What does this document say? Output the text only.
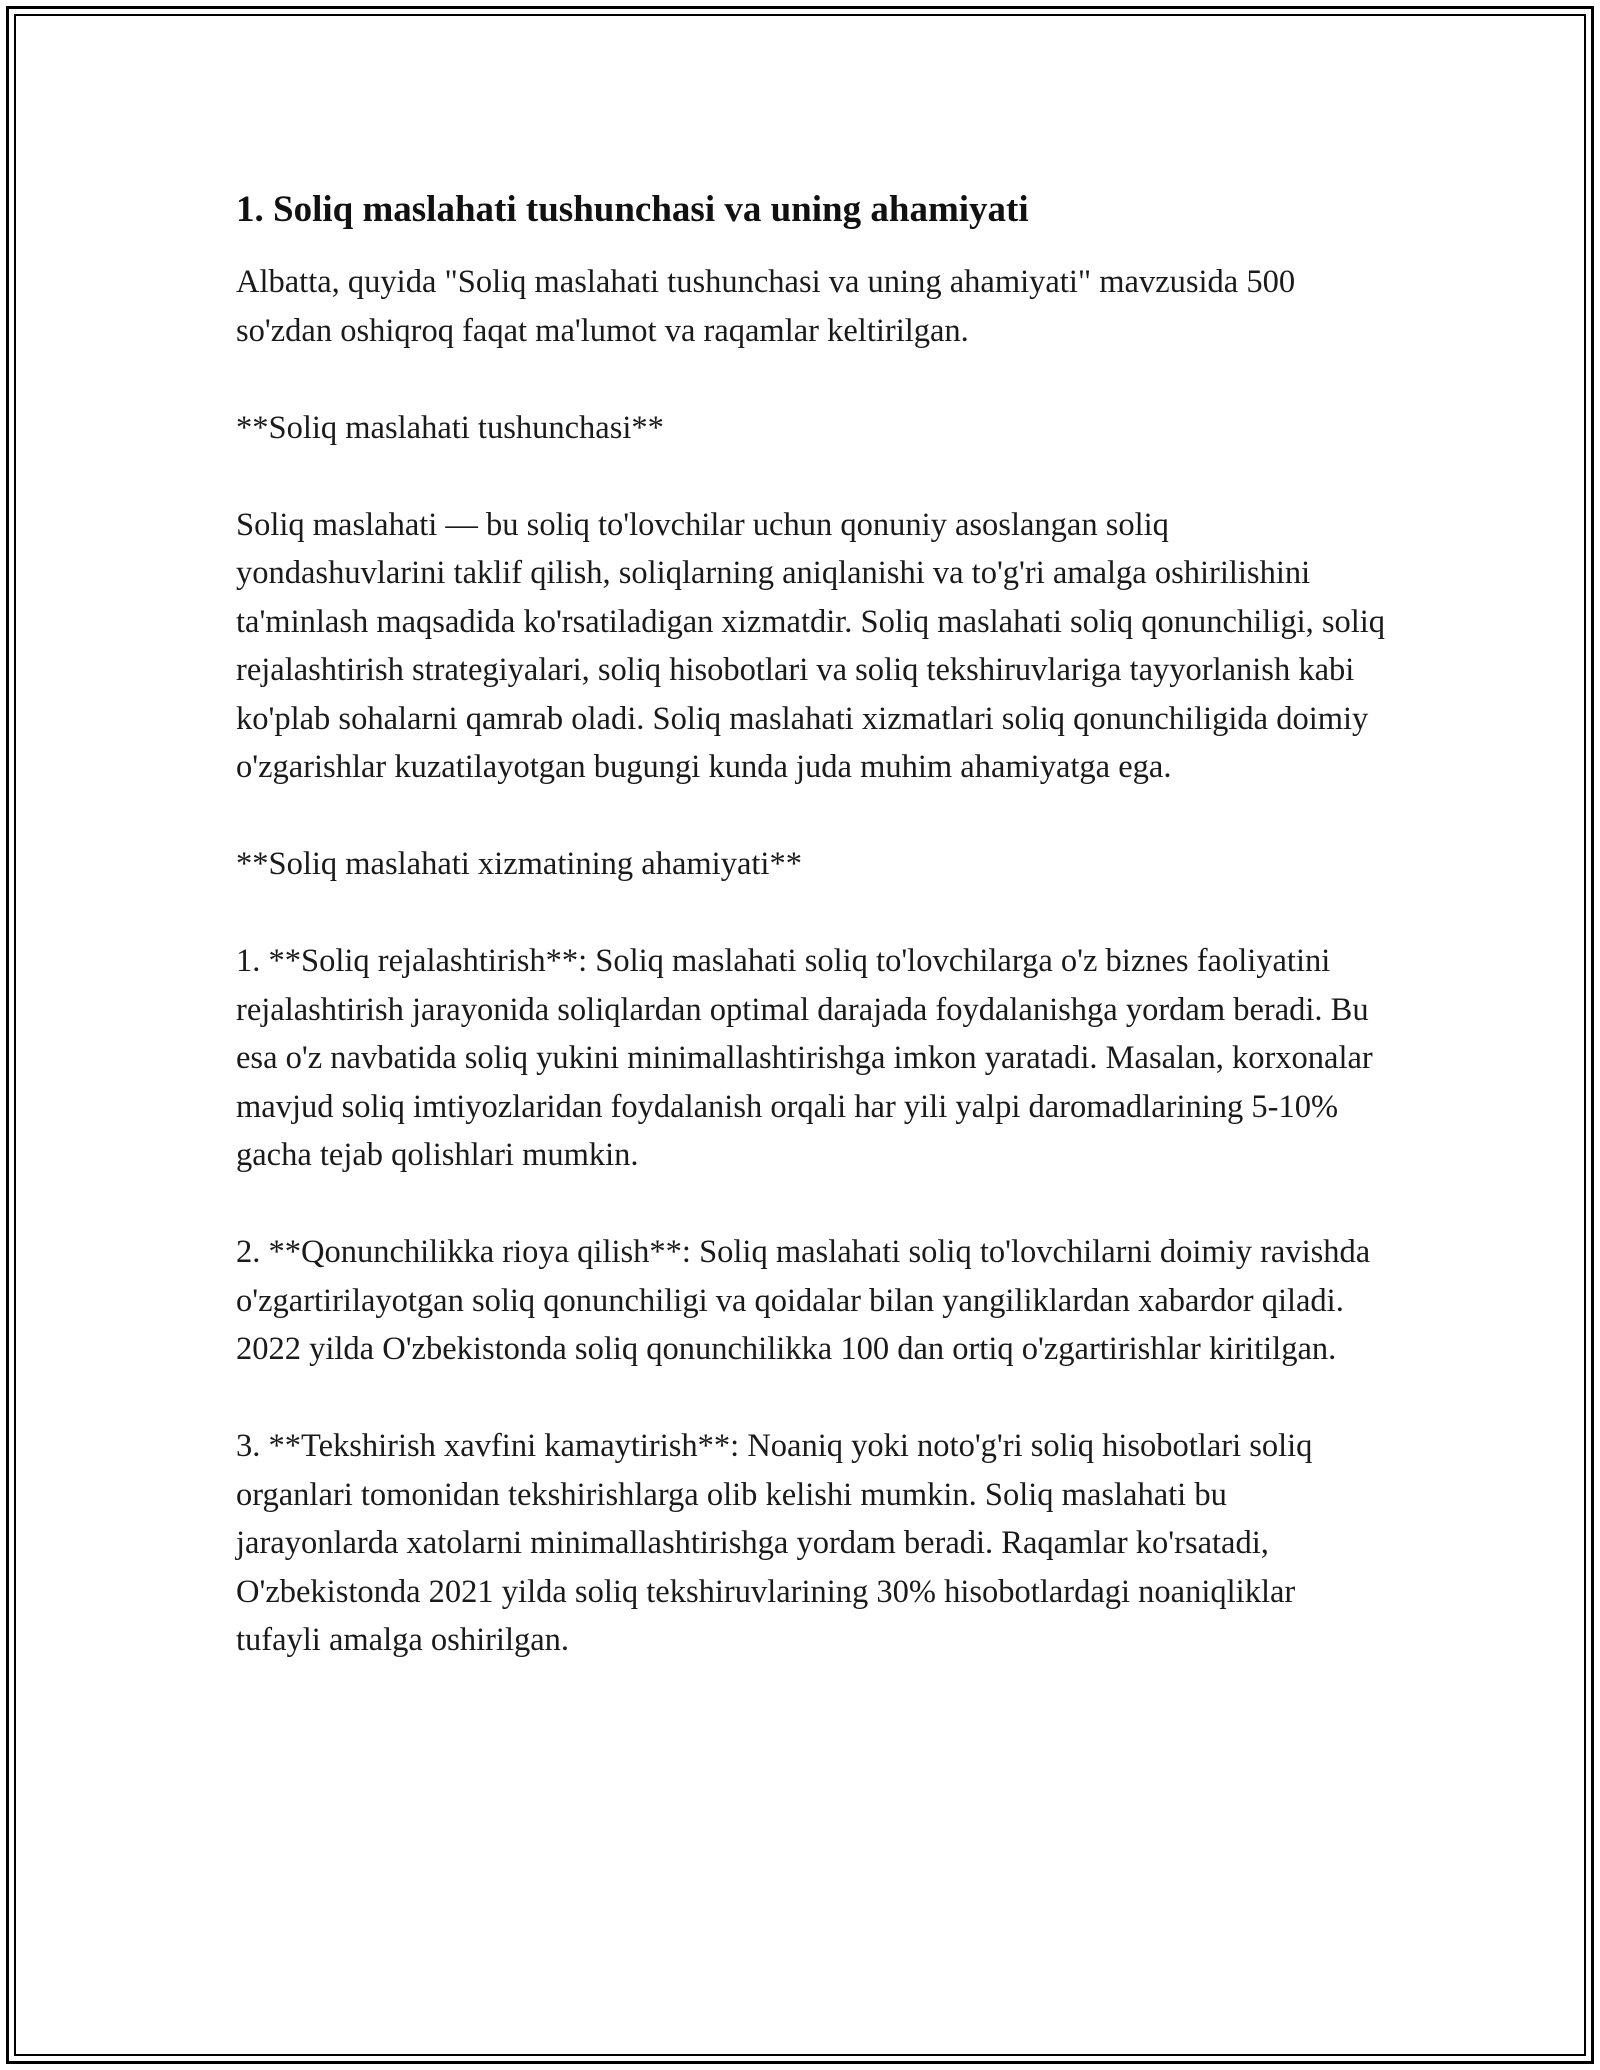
1. Soliq maslahati tushunchasi va uning ahamiyati

Albatta, quyida "Soliq maslahati tushunchasi va uning ahamiyati" mavzusida 500 so'zdan oshiqroq faqat ma'lumot va raqamlar keltirilgan.

**Soliq maslahati tushunchasi**

Soliq maslahati — bu soliq to'lovchilar uchun qonuniy asoslangan soliq yondashuvlarini taklif qilish, soliqlarning aniqlanishi va to'g'ri amalga oshirilishini ta'minlash maqsadida ko'rsatiladigan xizmatdir. Soliq maslahati soliq qonunchiligi, soliq rejalashtirish strategiyalari, soliq hisobotlari va soliq tekshiruvlariga tayyorlanish kabi ko'plab sohalarni qamrab oladi. Soliq maslahati xizmatlari soliq qonunchiligida doimiy o'zgarishlar kuzatilayotgan bugungi kunda juda muhim ahamiyatga ega.

**Soliq maslahati xizmatining ahamiyati**

1. **Soliq rejalashtirish**: Soliq maslahati soliq to'lovchilarga o'z biznes faoliyatini rejalashtirish jarayonida soliqlardan optimal darajada foydalanishga yordam beradi. Bu esa o'z navbatida soliq yukini minimallashtirishga imkon yaratadi. Masalan, korxonalar mavjud soliq imtiyozlaridan foydalanish orqali har yili yalpi daromadlarining 5-10% gacha tejab qolishlari mumkin.

2. **Qonunchilikka rioya qilish**: Soliq maslahati soliq to'lovchilarni doimiy ravishda o'zgartirilayotgan soliq qonunchiligi va qoidalar bilan yangiliklardan xabardor qiladi. 2022 yilda O'zbekistonda soliq qonunchilikka 100 dan ortiq o'zgartirishlar kiritilgan.

3. **Tekshirish xavfini kamaytirish**: Noaniq yoki noto'g'ri soliq hisobotlari soliq organlari tomonidan tekshirishlarga olib kelishi mumkin. Soliq maslahati bu jarayonlarda xatolarni minimallashtirishga yordam beradi. Raqamlar ko'rsatadi, O'zbekistonda 2021 yilda soliq tekshiruvlarining 30% hisobotlardagi noaniqliklar tufayli amalga oshirilgan.
